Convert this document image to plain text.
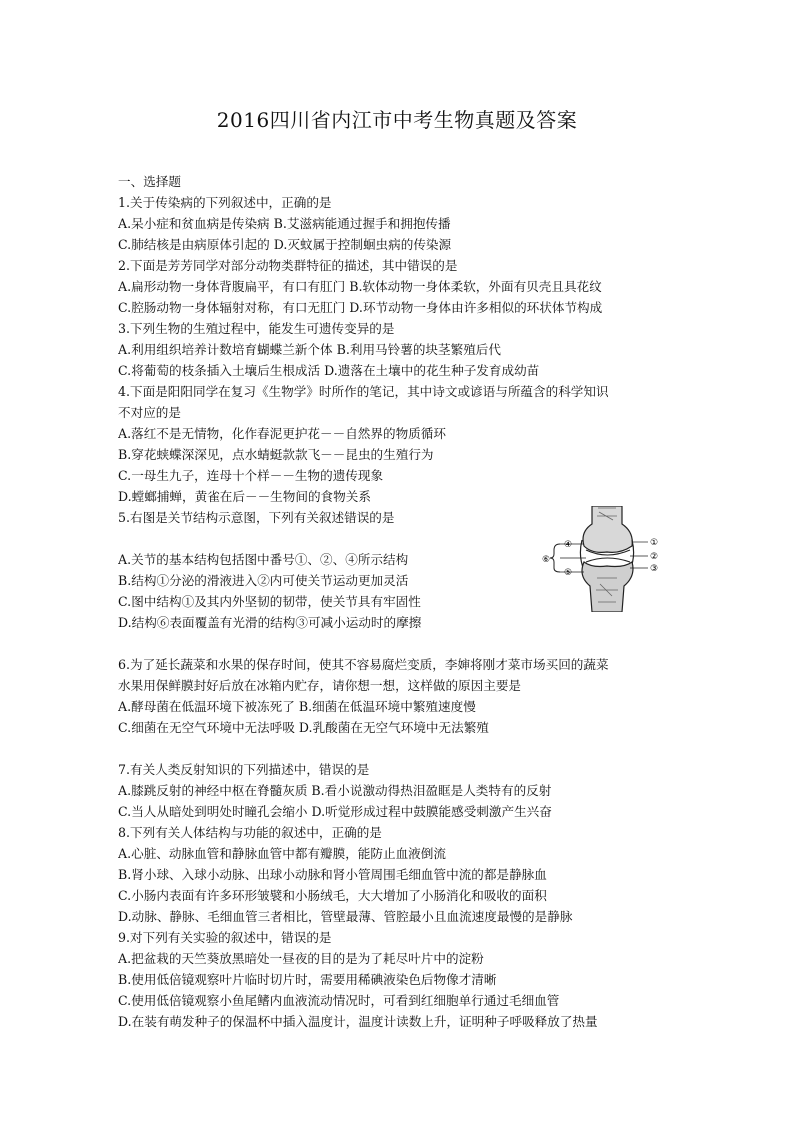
2016四川省内江市中考生物真题及答案
一、选择题
1.关于传染病的下列叙述中，正确的是
A.呆小症和贫血病是传染病 B.艾滋病能通过握手和拥抱传播
C.肺结核是由病原体引起的 D.灭蚊属于控制蛔虫病的传染源
2.下面是芳芳同学对部分动物类群特征的描述，其中错误的是
A.扁形动物一身体背腹扁平，有口有肛门 B.软体动物一身体柔软，外面有贝壳且具花纹
C.腔肠动物一身体辐射对称，有口无肛门 D.环节动物一身体由许多相似的环状体节构成
3.下列生物的生殖过程中，能发生可遗传变异的是
A.利用组织培养计数培育蝴蝶兰新个体 B.利用马铃薯的块茎繁殖后代
C.将葡萄的枝条插入土壤后生根成活 D.遗落在土壤中的花生种子发育成幼苗
4.下面是阳阳同学在复习《生物学》时所作的笔记，其中诗文或谚语与所蕴含的科学知识
不对应的是
A.落红不是无情物，化作春泥更护花－－自然界的物质循环
B.穿花蛱蝶深深见，点水蜻蜓款款飞－－昆虫的生殖行为
C.一母生九子，连母十个样－－生物的遗传现象
D.螳螂捕蝉，黄雀在后－－生物间的食物关系
5.右图是关节结构示意图，下列有关叙述错误的是
A.关节的基本结构包括图中番号①、②、④所示结构
B.结构①分泌的滑液进入②内可使关节运动更加灵活
C.图中结构①及其内外坚韧的韧带，使关节具有牢固性
D.结构⑥表面覆盖有光滑的结构③可减小运动时的摩擦
6.为了延长蔬菜和水果的保存时间，使其不容易腐烂变质，李婶将刚才菜市场买回的蔬菜
水果用保鲜膜封好后放在冰箱内贮存，请你想一想，这样做的原因主要是
A.酵母菌在低温环境下被冻死了 B.细菌在低温环境中繁殖速度慢
C.细菌在无空气环境中无法呼吸 D.乳酸菌在无空气环境中无法繁殖
7.有关人类反射知识的下列描述中，错误的是
A.膝跳反射的神经中枢在脊髓灰质 B.看小说激动得热泪盈眶是人类特有的反射
C.当人从暗处到明处时瞳孔会缩小 D.听觉形成过程中鼓膜能感受刺激产生兴奋
8.下列有关人体结构与功能的叙述中，正确的是
A.心脏、动脉血管和静脉血管中都有瓣膜，能防止血液倒流
B.肾小球、入球小动脉、出球小动脉和肾小管周围毛细血管中流的都是静脉血
C.小肠内表面有许多环形皱襞和小肠绒毛，大大增加了小肠消化和吸收的面积
D.动脉、静脉、毛细血管三者相比，管壁最薄、管腔最小且血流速度最慢的是静脉
9.对下列有关实验的叙述中，错误的是
A.把盆栽的天竺葵放黑暗处一昼夜的目的是为了耗尽叶片中的淀粉
B.使用低倍镜观察叶片临时切片时，需要用稀碘液染色后物像才清晰
C.使用低倍镜观察小鱼尾鳍内血液流动情况时，可看到红细胞单行通过毛细血管
D.在装有萌发种子的保温杯中插入温度计，温度计读数上升，证明种子呼吸释放了热量
⑥
④
⑤
①
②
③
